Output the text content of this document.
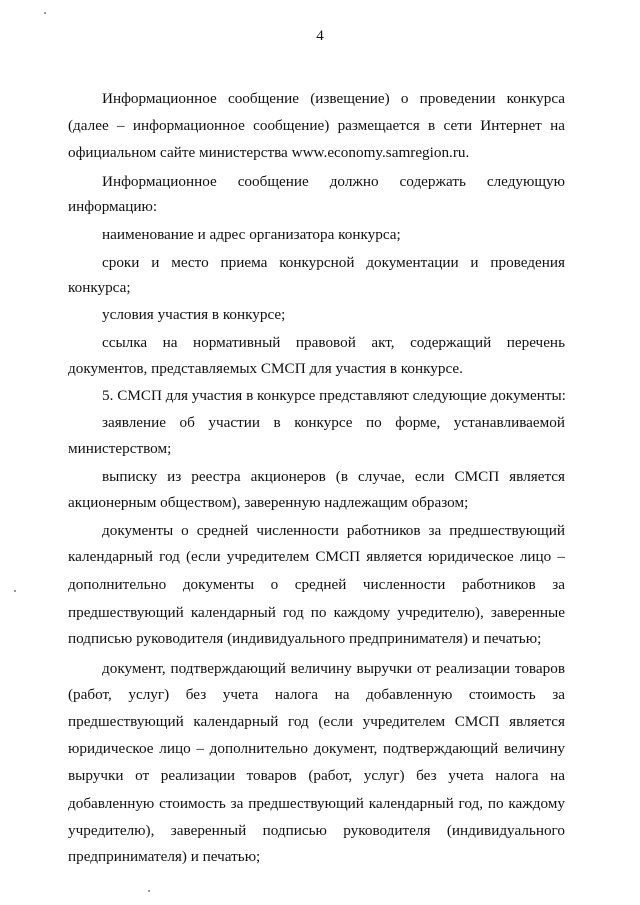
4
Информационное сообщение (извещение) о проведении конкурса
(далее – информационное сообщение) размещается в сети Интернет на
официальном сайте министерства www.economy.samregion.ru.
Информационное сообщение должно содержать следующую
информацию:
наименование и адрес организатора конкурса;
сроки и место приема конкурсной документации и проведения
конкурса;
условия участия в конкурсе;
ссылка на нормативный правовой акт, содержащий перечень
документов, представляемых СМСП для участия в конкурсе.
5. СМСП для участия в конкурсе представляют следующие документы:
заявление об участии в конкурсе по форме, устанавливаемой
министерством;
выписку из реестра акционеров (в случае, если СМСП является
акционерным обществом), заверенную надлежащим образом;
документы о средней численности работников за предшествующий
календарный год (если учредителем СМСП является юридическое лицо –
дополнительно документы о средней численности работников за
предшествующий календарный год по каждому учредителю), заверенные
подписью руководителя (индивидуального предпринимателя) и печатью;
документ, подтверждающий величину выручки от реализации товаров
(работ, услуг) без учета налога на добавленную стоимость за
предшествующий календарный год (если учредителем СМСП является
юридическое лицо – дополнительно документ, подтверждающий величину
выручки от реализации товаров (работ, услуг) без учета налога на
добавленную стоимость за предшествующий календарный год, по каждому
учредителю), заверенный подписью руководителя (индивидуального
предпринимателя) и печатью;
